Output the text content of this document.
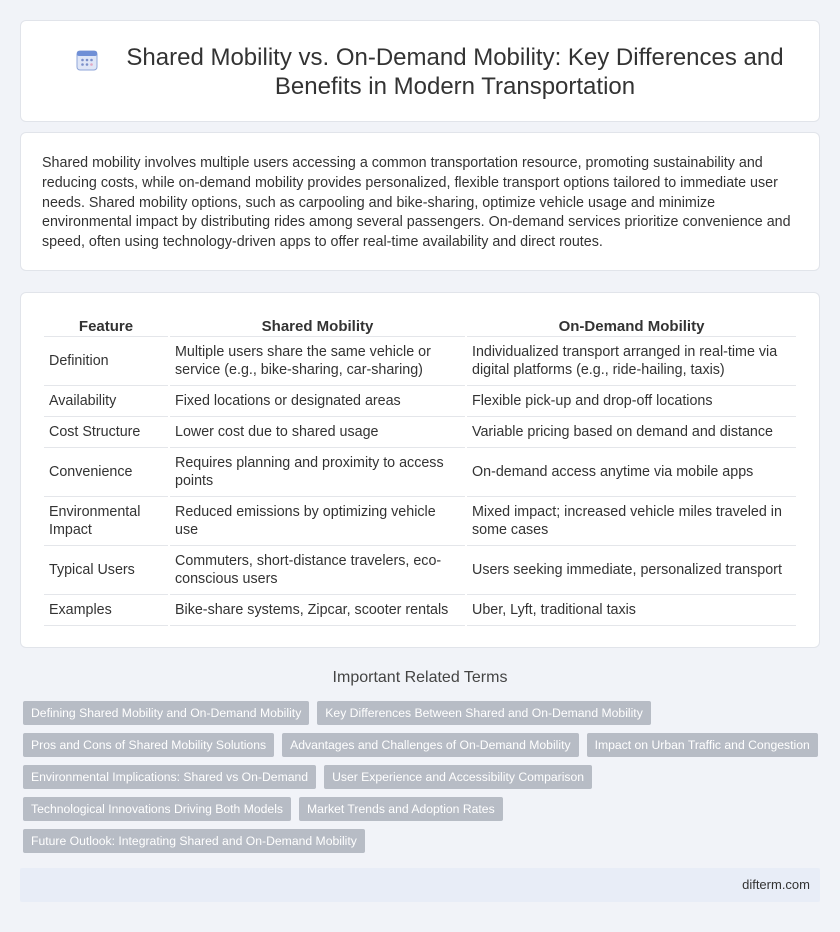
Shared Mobility vs. On-Demand Mobility: Key Differences and Benefits in Modern Transportation

Shared mobility involves multiple users accessing a common transportation resource, promoting sustainability and reducing costs, while on-demand mobility provides personalized, flexible transport options tailored to immediate user needs. Shared mobility options, such as carpooling and bike-sharing, optimize vehicle usage and minimize environmental impact by distributing rides among several passengers. On-demand services prioritize convenience and speed, often using technology-driven apps to offer real-time availability and direct routes.

Feature	Shared Mobility	On-Demand Mobility
Definition	Multiple users share the same vehicle or service (e.g., bike-sharing, car-sharing)	Individualized transport arranged in real-time via digital platforms (e.g., ride-hailing, taxis)
Availability	Fixed locations or designated areas	Flexible pick-up and drop-off locations
Cost Structure	Lower cost due to shared usage	Variable pricing based on demand and distance
Convenience	Requires planning and proximity to access points	On-demand access anytime via mobile apps
Environmental Impact	Reduced emissions by optimizing vehicle use	Mixed impact; increased vehicle miles traveled in some cases
Typical Users	Commuters, short-distance travelers, eco-conscious users	Users seeking immediate, personalized transport
Examples	Bike-share systems, Zipcar, scooter rentals	Uber, Lyft, traditional taxis
Important Related Terms
Defining Shared Mobility and On-Demand Mobility	Key Differences Between Shared and On-Demand Mobility
Pros and Cons of Shared Mobility Solutions	Advantages and Challenges of On-Demand Mobility	Impact on Urban Traffic and Congestion
Environmental Implications: Shared vs On-Demand	User Experience and Accessibility Comparison
Technological Innovations Driving Both Models	Market Trends and Adoption Rates
Future Outlook: Integrating Shared and On-Demand Mobility
difterm.com
